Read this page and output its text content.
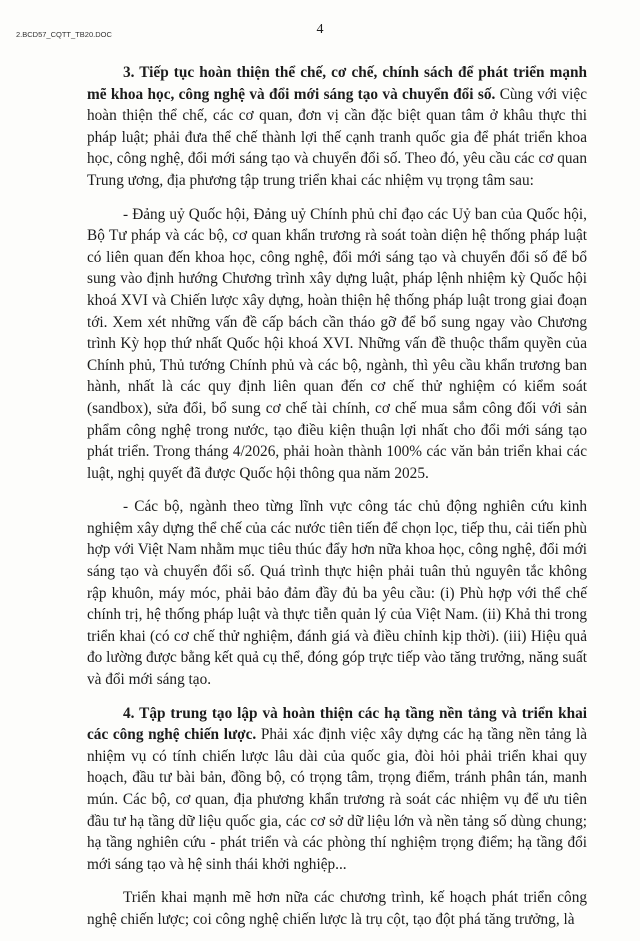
2.BCD57_CQTT_TB20.DOC	4

3. Tiếp tục hoàn thiện thể chế, cơ chế, chính sách để phát triển mạnh mẽ khoa học, công nghệ và đổi mới sáng tạo và chuyển đổi số. Cùng với việc hoàn thiện thể chế, các cơ quan, đơn vị cần đặc biệt quan tâm ở khâu thực thi pháp luật; phải đưa thể chế thành lợi thế cạnh tranh quốc gia để phát triển khoa học, công nghệ, đổi mới sáng tạo và chuyển đổi số. Theo đó, yêu cầu các cơ quan Trung ương, địa phương tập trung triển khai các nhiệm vụ trọng tâm sau:

- Đảng uỷ Quốc hội, Đảng uỷ Chính phủ chỉ đạo các Uỷ ban của Quốc hội, Bộ Tư pháp và các bộ, cơ quan khẩn trương rà soát toàn diện hệ thống pháp luật có liên quan đến khoa học, công nghệ, đổi mới sáng tạo và chuyển đổi số để bổ sung vào định hướng Chương trình xây dựng luật, pháp lệnh nhiệm kỳ Quốc hội khoá XVI và Chiến lược xây dựng, hoàn thiện hệ thống pháp luật trong giai đoạn tới. Xem xét những vấn đề cấp bách cần tháo gỡ để bổ sung ngay vào Chương trình Kỳ họp thứ nhất Quốc hội khoá XVI. Những vấn đề thuộc thẩm quyền của Chính phủ, Thủ tướng Chính phủ và các bộ, ngành, thì yêu cầu khẩn trương ban hành, nhất là các quy định liên quan đến cơ chế thử nghiệm có kiểm soát (sandbox), sửa đổi, bổ sung cơ chế tài chính, cơ chế mua sắm công đối với sản phẩm công nghệ trong nước, tạo điều kiện thuận lợi nhất cho đổi mới sáng tạo phát triển. Trong tháng 4/2026, phải hoàn thành 100% các văn bản triển khai các luật, nghị quyết đã được Quốc hội thông qua năm 2025.

- Các bộ, ngành theo từng lĩnh vực công tác chủ động nghiên cứu kinh nghiệm xây dựng thể chế của các nước tiên tiến để chọn lọc, tiếp thu, cải tiến phù hợp với Việt Nam nhằm mục tiêu thúc đẩy hơn nữa khoa học, công nghệ, đổi mới sáng tạo và chuyển đổi số. Quá trình thực hiện phải tuân thủ nguyên tắc không rập khuôn, máy móc, phải bảo đảm đầy đủ ba yêu cầu: (i) Phù hợp với thể chế chính trị, hệ thống pháp luật và thực tiễn quản lý của Việt Nam. (ii) Khả thi trong triển khai (có cơ chế thử nghiệm, đánh giá và điều chỉnh kịp thời). (iii) Hiệu quả đo lường được bằng kết quả cụ thể, đóng góp trực tiếp vào tăng trưởng, năng suất và đổi mới sáng tạo.

4. Tập trung tạo lập và hoàn thiện các hạ tầng nền tảng và triển khai các công nghệ chiến lược. Phải xác định việc xây dựng các hạ tầng nền tảng là nhiệm vụ có tính chiến lược lâu dài của quốc gia, đòi hỏi phải triển khai quy hoạch, đầu tư bài bản, đồng bộ, có trọng tâm, trọng điểm, tránh phân tán, manh mún. Các bộ, cơ quan, địa phương khẩn trương rà soát các nhiệm vụ để ưu tiên đầu tư hạ tầng dữ liệu quốc gia, các cơ sở dữ liệu lớn và nền tảng số dùng chung; hạ tầng nghiên cứu - phát triển và các phòng thí nghiệm trọng điểm; hạ tầng đổi mới sáng tạo và hệ sinh thái khởi nghiệp...

Triển khai mạnh mẽ hơn nữa các chương trình, kế hoạch phát triển công nghệ chiến lược; coi công nghệ chiến lược là trụ cột, tạo đột phá tăng trưởng, là
